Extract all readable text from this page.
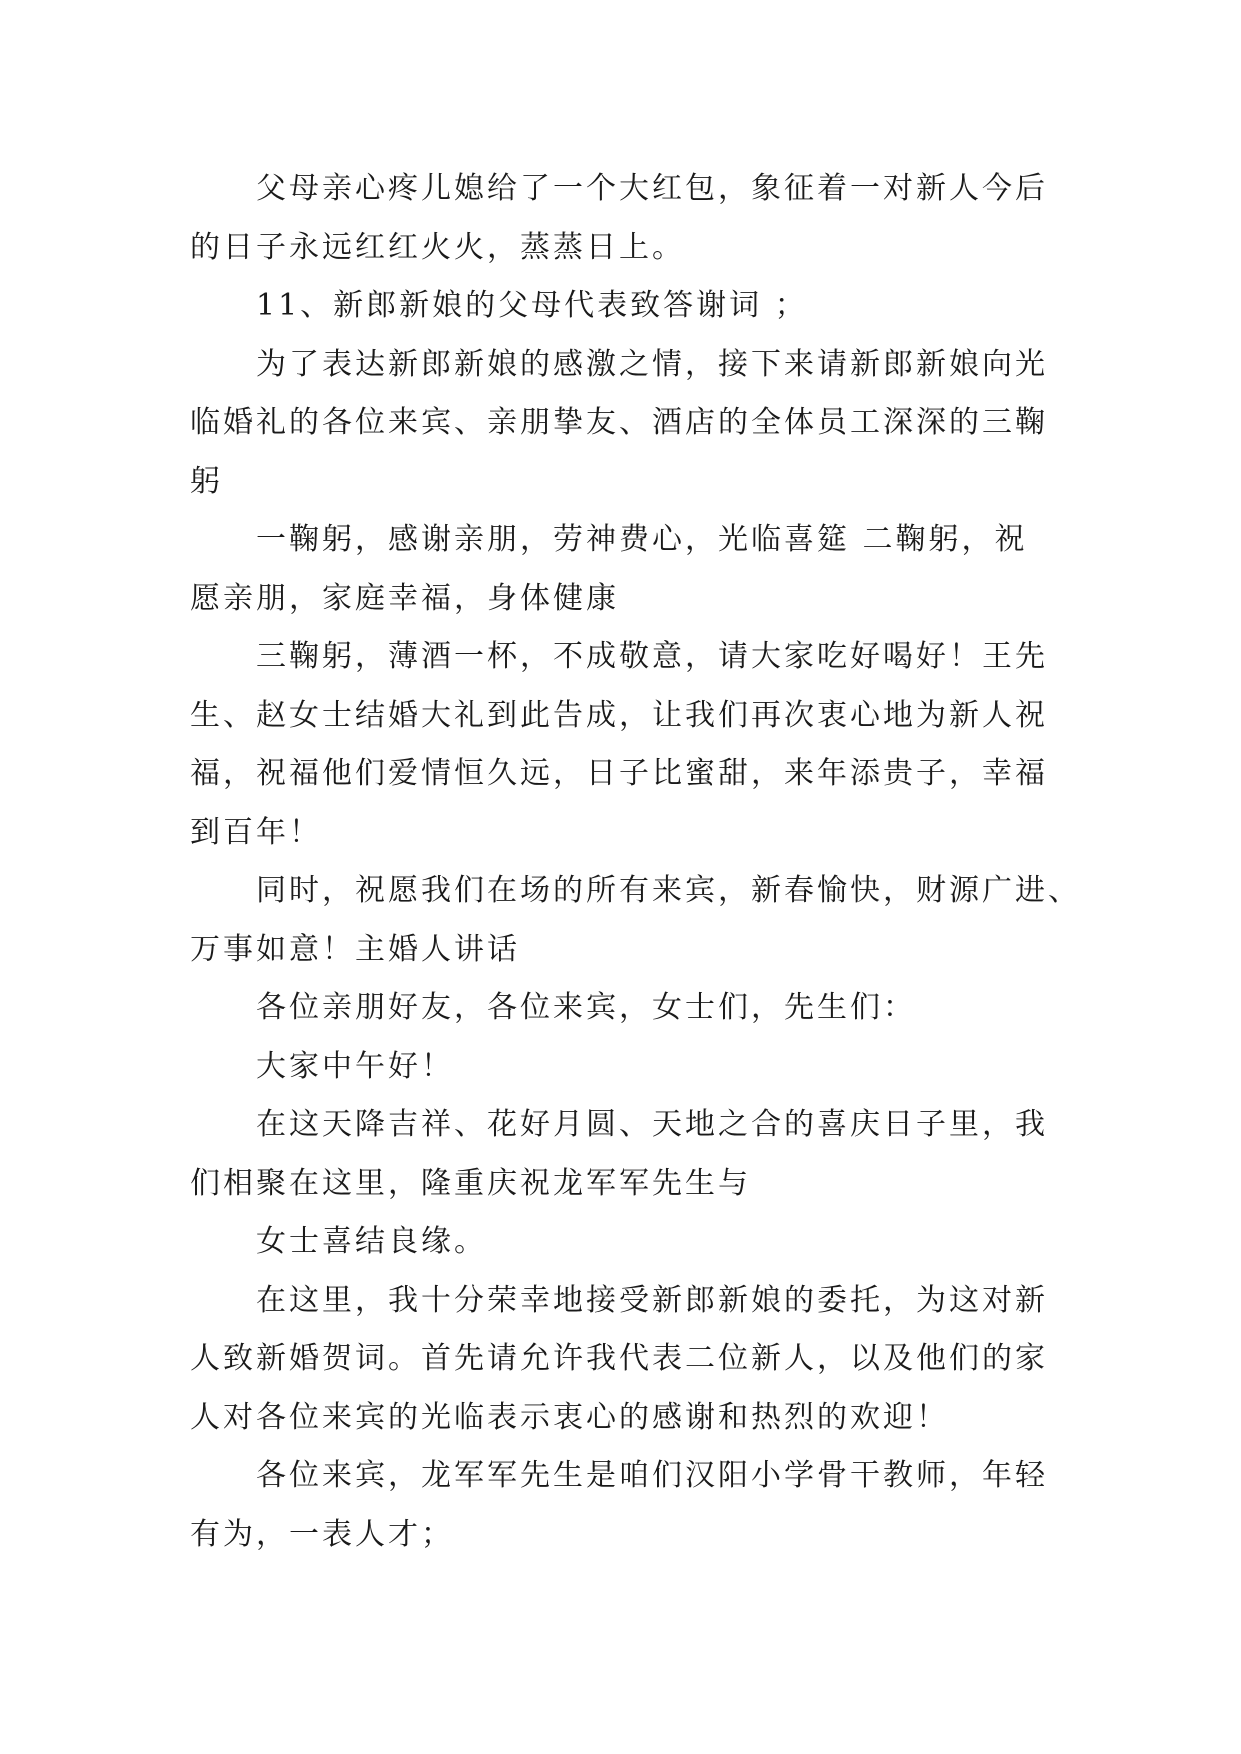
父母亲心疼儿媳给了一个大红包，象征着一对新人今后
的日子永远红红火火，蒸蒸日上。
11、新郎新娘的父母代表致答谢词 ；
为了表达新郎新娘的感激之情，接下来请新郎新娘向光
临婚礼的各位来宾、亲朋挚友、酒店的全体员工深深的三鞠
躬
一鞠躬，感谢亲朋，劳神费心，光临喜筵 二鞠躬，祝
愿亲朋，家庭幸福，身体健康
三鞠躬，薄酒一杯，不成敬意，请大家吃好喝好！王先
生、赵女士结婚大礼到此告成，让我们再次衷心地为新人祝
福，祝福他们爱情恒久远，日子比蜜甜，来年添贵子，幸福
到百年！
同时，祝愿我们在场的所有来宾，新春愉快，财源广进、
万事如意！主婚人讲话
各位亲朋好友，各位来宾，女士们，先生们：
大家中午好！
在这天降吉祥、花好月圆、天地之合的喜庆日子里，我
们相聚在这里，隆重庆祝龙军军先生与
女士喜结良缘。
在这里，我十分荣幸地接受新郎新娘的委托，为这对新
人致新婚贺词。首先请允许我代表二位新人，以及他们的家
人对各位来宾的光临表示衷心的感谢和热烈的欢迎！
各位来宾，龙军军先生是咱们汉阳小学骨干教师，年轻
有为，一表人才；
